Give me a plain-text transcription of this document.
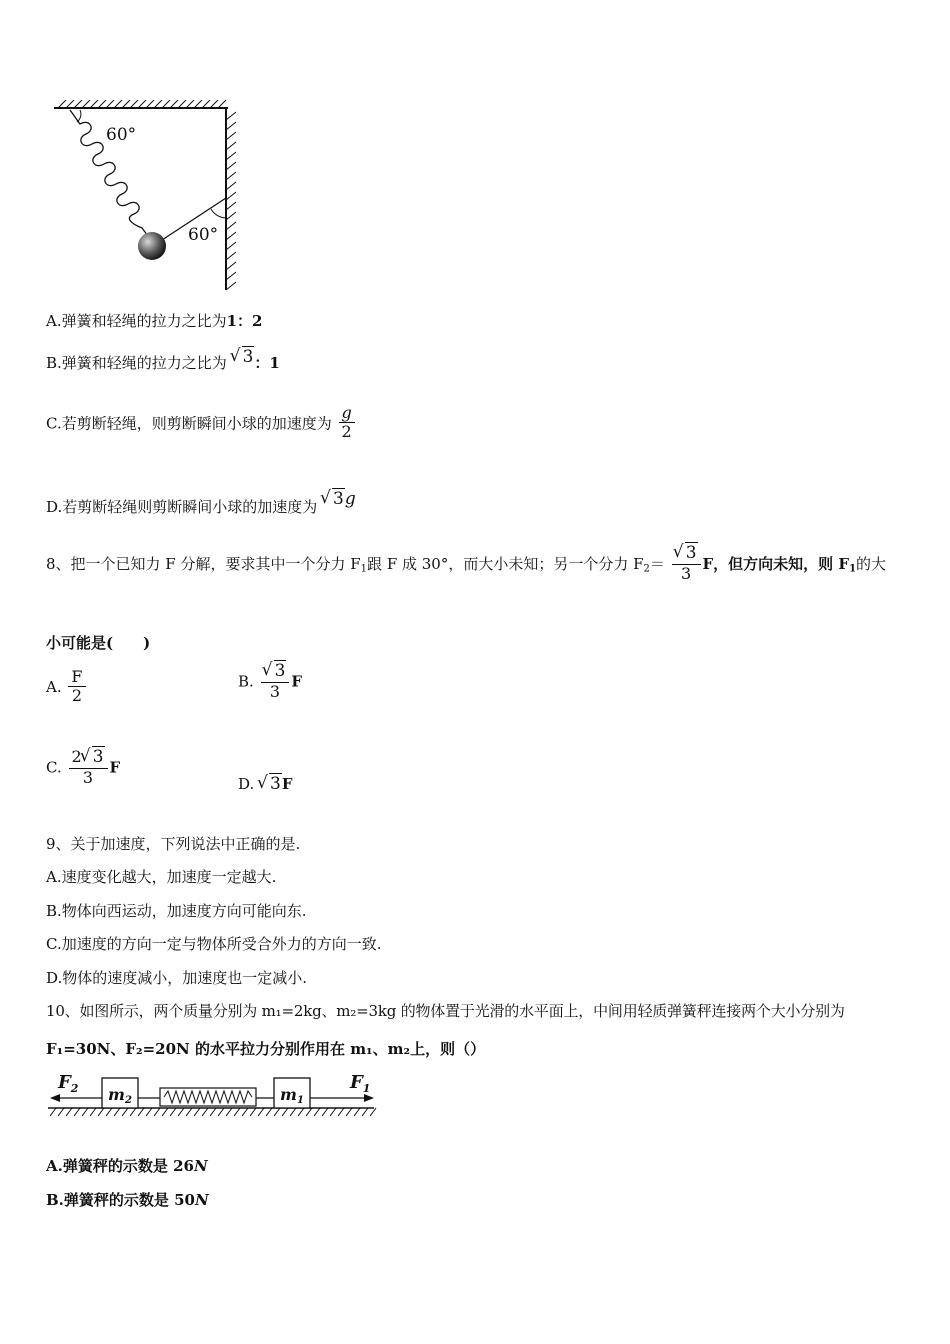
60°
60°
A.弹簧和轻绳的拉力之比为1：2
B.弹簧和轻绳的拉力之比为 √ 3：1
C.若剪断轻绳，则剪断瞬间小球的加速度为 $\frac{g}{2}$
D.若剪断轻绳则剪断瞬间小球的加速度为 √ 3g
8、把一个已知力 F 分解，要求其中一个分力 $F_1$跟 F 成 30°，而大小未知；另一个分力 $F_2=$ √ $\frac{3}{3}$ F，但方向未知，则 $F_1$的大
小可能是(　　)
A. $\frac{F}{2}$	B. √ $\frac{3}{3}$ F
C. $\frac{2 √ 3}{3}$ F
D. √ 3F
9、关于加速度，下列说法中正确的是.
A.速度变化越大，加速度一定越大.
B.物体向西运动，加速度方向可能向东.
C.加速度的方向一定与物体所受合外力的方向一致.
D.物体的速度减小，加速度也一定减小.
10、如图所示，两个质量分别为 m₁=2kg、m₂=3kg 的物体置于光滑的水平面上，中间用轻质弹簧秤连接两个大小分别为
F₁=30N、F₂=20N 的水平拉力分别作用在 m₁、m₂上，则（）
$F_2$ m2	m1
$F_1$
A.弹簧秤的示数是 26N
B.弹簧秤的示数是 50N
